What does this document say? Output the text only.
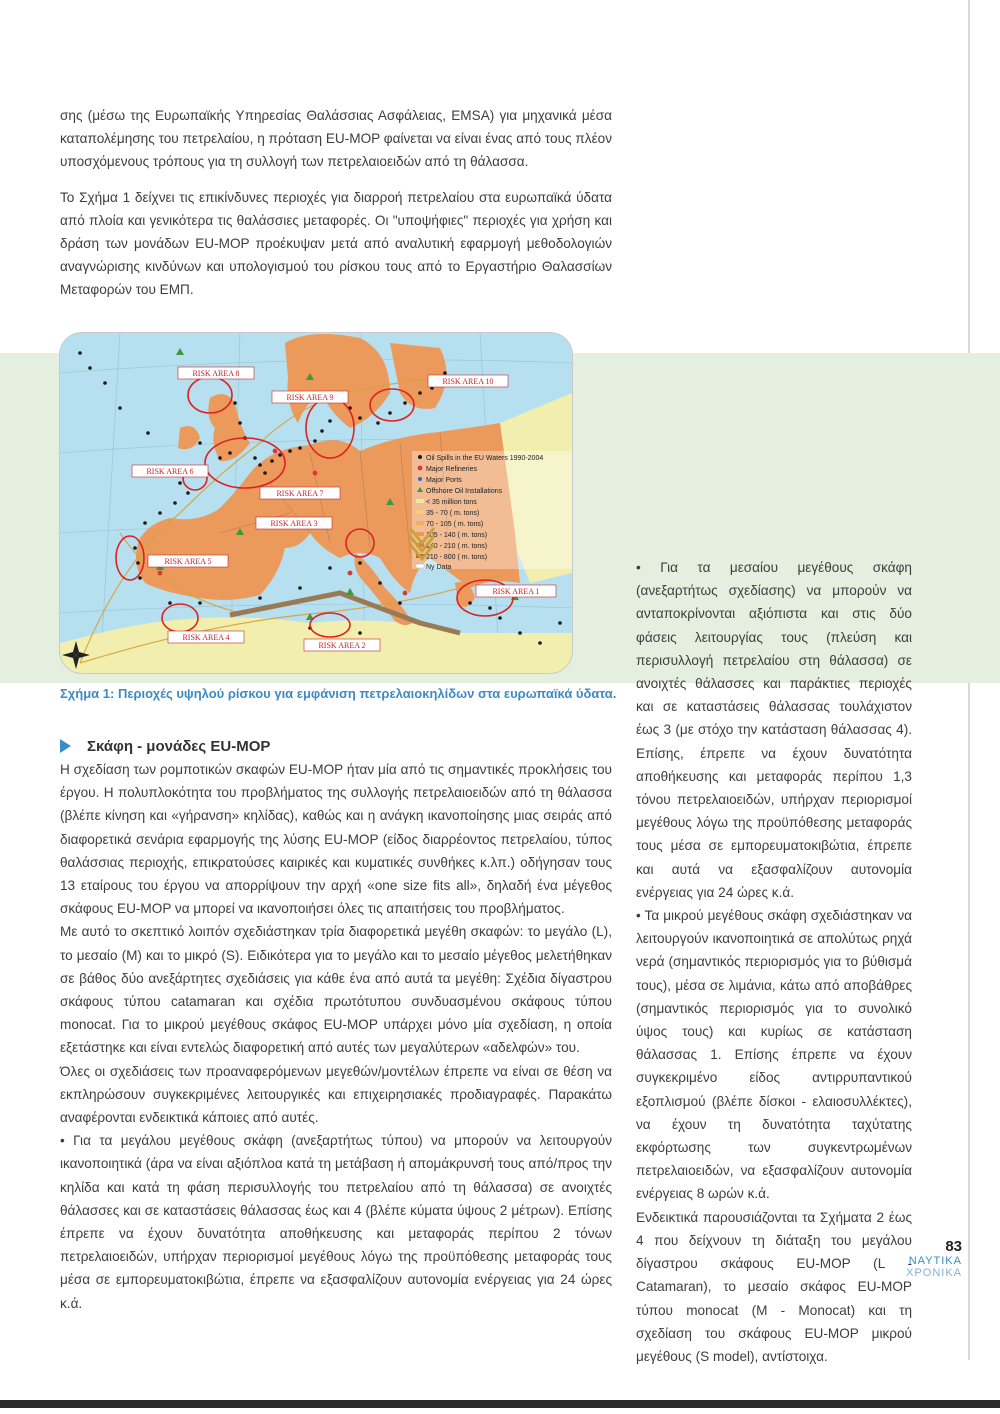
σης (μέσω της Ευρωπαϊκής Υπηρεσίας Θαλάσσιας Ασφάλειας, EMSA) για μηχανικά μέσα καταπολέμησης του πετρελαίου, η πρόταση EU-MOP φαίνεται να είναι ένας από τους πλέον υποσχόμενους τρόπους για τη συλλογή των πετρελαιοειδών από τη θάλασσα.

Το Σχήμα 1 δείχνει τις επικίνδυνες περιοχές για διαρροή πετρελαίου στα ευρωπαϊκά ύδατα από πλοία και γενικότερα τις θαλάσσιες μεταφορές. Οι "υποψήφιες" περιοχές για χρήση και δράση των μονάδων EU-MOP προέκυψαν μετά από αναλυτική εφαρμογή μεθοδολογιών αναγνώρισης κινδύνων και υπολογισμού του ρίσκου τους από το Εργαστήριο Θαλασσίων Μεταφορών του ΕΜΠ.

RISK AREA 8
RISK AREA 9
RISK AREA 10
RISK AREA 6
RISK AREA 7
RISK AREA 3
RISK AREA 5
RISK AREA 1
RISK AREA 4
RISK AREA 2
Oil Spills in the EU Waters 1990-2004
Major Refineries
Major Ports
Offshore Oil Installations
< 35 million tons
35 - 70 ( m. tons)
70 - 105 ( m. tons)
105 - 140 ( m. tons)
140 - 210 ( m. tons)
210 - 800 ( m. tons)
Ny Data
Σχήμα 1: Περιοχές υψηλού ρίσκου για εμφάνιση πετρελαιοκηλίδων στα ευρωπαϊκά ύδατα.
Σκάφη - μονάδες EU-MOP

Η σχεδίαση των ρομποτικών σκαφών EU-MOP ήταν μία από τις σημαντικές προκλήσεις του έργου. Η πολυπλοκότητα του προβλήματος της συλλογής πετρελαιοειδών από τη θάλασσα (βλέπε κίνηση και «γήρανση» κηλίδας), καθώς και η ανάγκη ικανοποίησης μιας σειράς από διαφορετικά σενάρια εφαρμογής της λύσης EU-MOP (είδος διαρρέοντος πετρελαίου, τύπος θαλάσσιας περιοχής, επικρατούσες καιρικές και κυματικές συνθήκες κ.λπ.) οδήγησαν τους 13 εταίρους του έργου να απορρίψουν την αρχή «one size fits all», δηλαδή ένα μέγεθος σκάφους EU-MOP να μπορεί να ικανοποιήσει όλες τις απαιτήσεις του προβλήματος.

Με αυτό το σκεπτικό λοιπόν σχεδιάστηκαν τρία διαφορετικά μεγέθη σκαφών: το μεγάλο (L), το μεσαίο (M) και το μικρό (S). Ειδικότερα για το μεγάλο και το μεσαίο μέγεθος μελετήθηκαν σε βάθος δύο ανεξάρτητες σχεδιάσεις για κάθε ένα από αυτά τα μεγέθη: Σχέδια δίγαστρου σκάφους τύπου catamaran και σχέδια πρωτότυπου συνδυασμένου σκάφους τύπου monocat. Για το μικρού μεγέθους σκάφος EU-MOP υπάρχει μόνο μία σχεδίαση, η οποία εξετάστηκε και είναι εντελώς διαφορετική από αυτές των μεγαλύτερων «αδελφών» του.

Όλες οι σχεδιάσεις των προαναφερόμενων μεγεθών/μοντέλων έπρεπε να είναι σε θέση να εκπληρώσουν συγκεκριμένες λειτουργικές και επιχειρησιακές προδιαγραφές. Παρακάτω αναφέρονται ενδεικτικά κάποιες από αυτές.

• Για τα μεγάλου μεγέθους σκάφη (ανεξαρτήτως τύπου) να μπορούν να λειτουργούν ικανοποιητικά (άρα να είναι αξιόπλοα κατά τη μετάβαση ή απομάκρυνσή τους από/προς την κηλίδα και κατά τη φάση περισυλλογής του πετρελαίου από τη θάλασσα) σε ανοιχτές θάλασσες και σε καταστάσεις θάλασσας έως και 4 (βλέπε κύματα ύψους 2 μέτρων). Επίσης έπρεπε να έχουν δυνατότητα αποθήκευσης και μεταφοράς περίπου 2 τόνων πετρελαιοειδών, υπήρχαν περιορισμοί μεγέθους λόγω της προϋπόθεσης μεταφοράς τους μέσα σε εμπορευματοκιβώτια, έπρεπε να εξασφαλίζουν αυτονομία ενέργειας για 24 ώρες κ.ά.

• Για τα μεσαίου μεγέθους σκάφη (ανεξαρτήτως σχεδίασης) να μπορούν να ανταποκρίνονται αξιόπιστα και στις δύο φάσεις λειτουργίας τους (πλεύση και περισυλλογή πετρελαίου στη θάλασσα) σε ανοιχτές θάλασσες και παράκτιες περιοχές και σε καταστάσεις θάλασσας τουλάχιστον έως 3 (με στόχο την κατάσταση θάλασσας 4). Επίσης, έπρεπε να έχουν δυνατότητα αποθήκευσης και μεταφοράς περίπου 1,3 τόνου πετρελαιοειδών, υπήρχαν περιορισμοί μεγέθους λόγω της προϋπόθεσης μεταφοράς τους μέσα σε εμπορευματοκιβώτια, έπρεπε και αυτά να εξασφαλίζουν αυτονομία ενέργειας για 24 ώρες κ.ά.

• Τα μικρού μεγέθους σκάφη σχεδιάστηκαν να λειτουργούν ικανοποιητικά σε απολύτως ρηχά νερά (σημαντικός περιορισμός για το βύθισμά τους), μέσα σε λιμάνια, κάτω από αποβάθρες (σημαντικός περιορισμός για το συνολικό ύψος τους) και κυρίως σε κατάσταση θάλασσας 1. Επίσης έπρεπε να έχουν συγκεκριμένο είδος αντιρρυπαντικού εξοπλισμού (βλέπε δίσκοι - ελαιοσυλλέκτες), να έχουν τη δυνατότητα ταχύτατης εκφόρτωσης των συγκεντρωμένων πετρελαιοειδών, να εξασφαλίζουν αυτονομία ενέργειας 8 ωρών κ.ά.

Ενδεικτικά παρουσιάζονται τα Σχήματα 2 έως 4 που δείχνουν τη διάταξη του μεγάλου δίγαστρου σκάφους EU-MOP (L - Catamaran), το μεσαίο σκάφος EU-MOP τύπου monocat (M - Monocat) και τη σχεδίαση του σκάφους EU-MOP μικρού μεγέθους (S model), αντίστοιχα.

83
ΝΑΥΤΙΚΑ
ΧΡΟΝΙΚΑ
